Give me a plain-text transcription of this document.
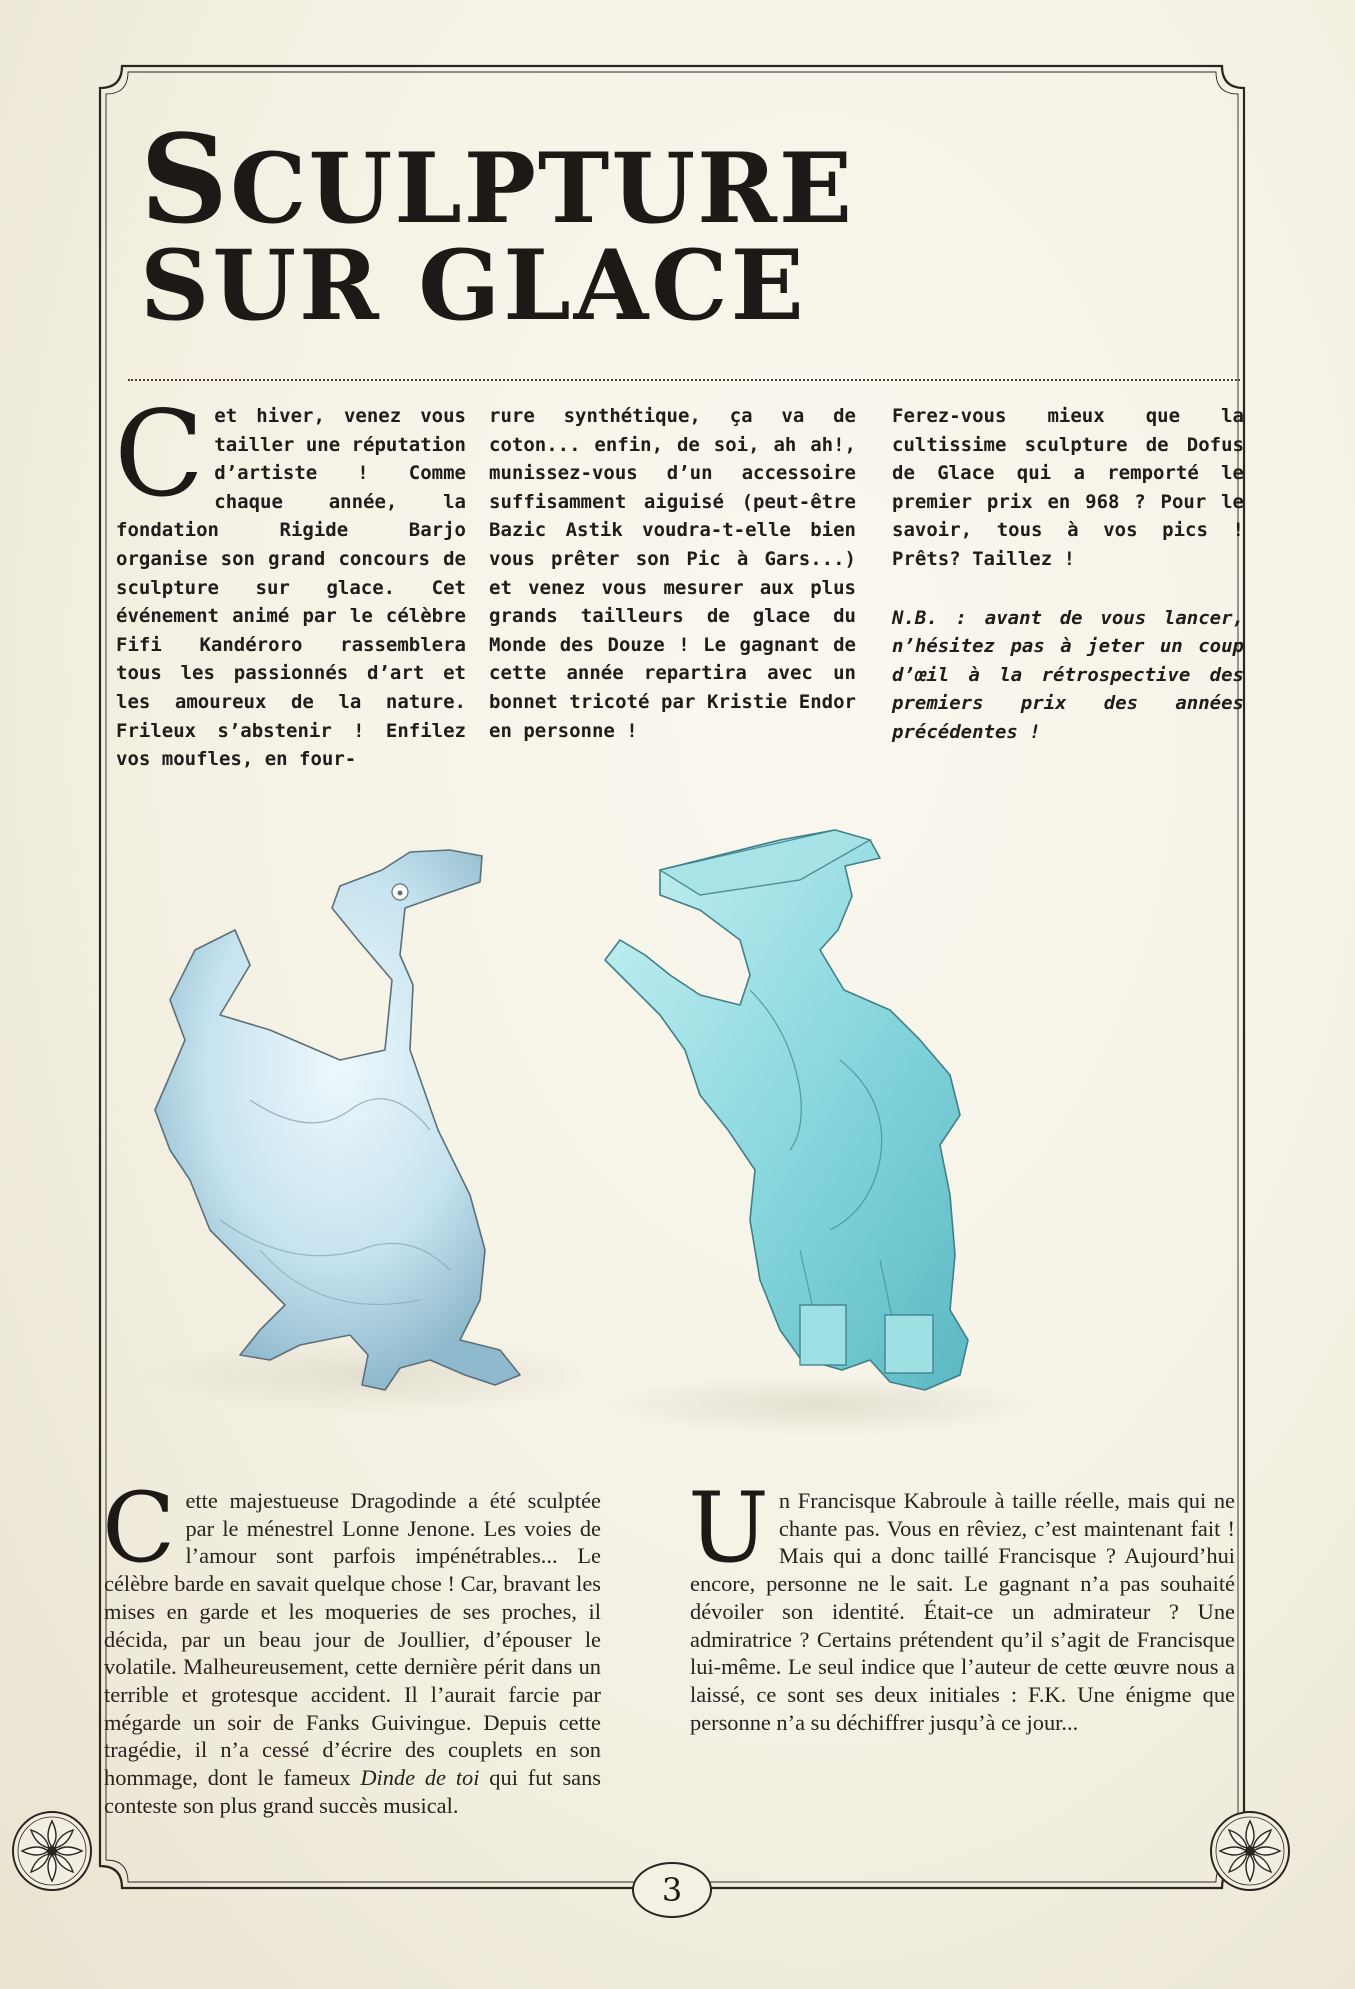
SCULPTURE
SUR GLACE
C et hiver, venez vous tailler une réputation d’artiste ! Comme chaque année, la fondation Rigide Barjo organise son grand concours de sculpture sur glace. Cet événement animé par le célèbre Fifi Kandéroro rassemblera tous les passionnés d’art et les amoureux de la nature. Frileux s’abstenir ! Enfilez vos moufles, en four-

rure synthétique, ça va de coton... enfin, de soi, ah ah!, munissez-vous d’un accessoire suffisamment aiguisé (peut-être Bazic Astik voudra-t-elle bien vous prêter son Pic à Gars...) et venez vous mesurer aux plus grands tailleurs de glace du Monde des Douze ! Le gagnant de cette année repartira avec un bonnet tricoté par Kristie Endor en personne !

Ferez-vous mieux que la cultissime sculpture de Dofus de Glace qui a remporté le premier prix en 968 ? Pour le savoir, tous à vos pics ! Prêts? Taillez !

N.B. : avant de vous lancer, n’hésitez pas à jeter un coup d’œil à la rétrospective des premiers prix des années précédentes !

C ette majestueuse Dragodinde a été sculptée par le ménestrel Lonne Jenone. Les voies de l’amour sont parfois impénétrables... Le célèbre barde en savait quelque chose ! Car, bravant les mises en garde et les moqueries de ses proches, il décida, par un beau jour de Joullier, d’épouser le volatile. Malheureusement, cette dernière périt dans un terrible et grotesque accident. Il l’aurait farcie par mégarde un soir de Fanks Guivingue. Depuis cette tragédie, il n’a cessé d’écrire des couplets en son hommage, dont le fameux Dinde de toi qui fut sans conteste son plus grand succès musical.

U n Francisque Kabroule à taille réelle, mais qui ne chante pas. Vous en rêviez, c’est maintenant fait ! Mais qui a donc taillé Francisque ? Aujourd’hui encore, personne ne le sait. Le gagnant n’a pas souhaité dévoiler son identité. Était-ce un admirateur ? Une admiratrice ? Certains prétendent qu’il s’agit de Francisque lui-même. Le seul indice que l’auteur de cette œuvre nous a laissé, ce sont ses deux initiales : F.K. Une énigme que personne n’a su déchiffrer jusqu’à ce jour...

3
